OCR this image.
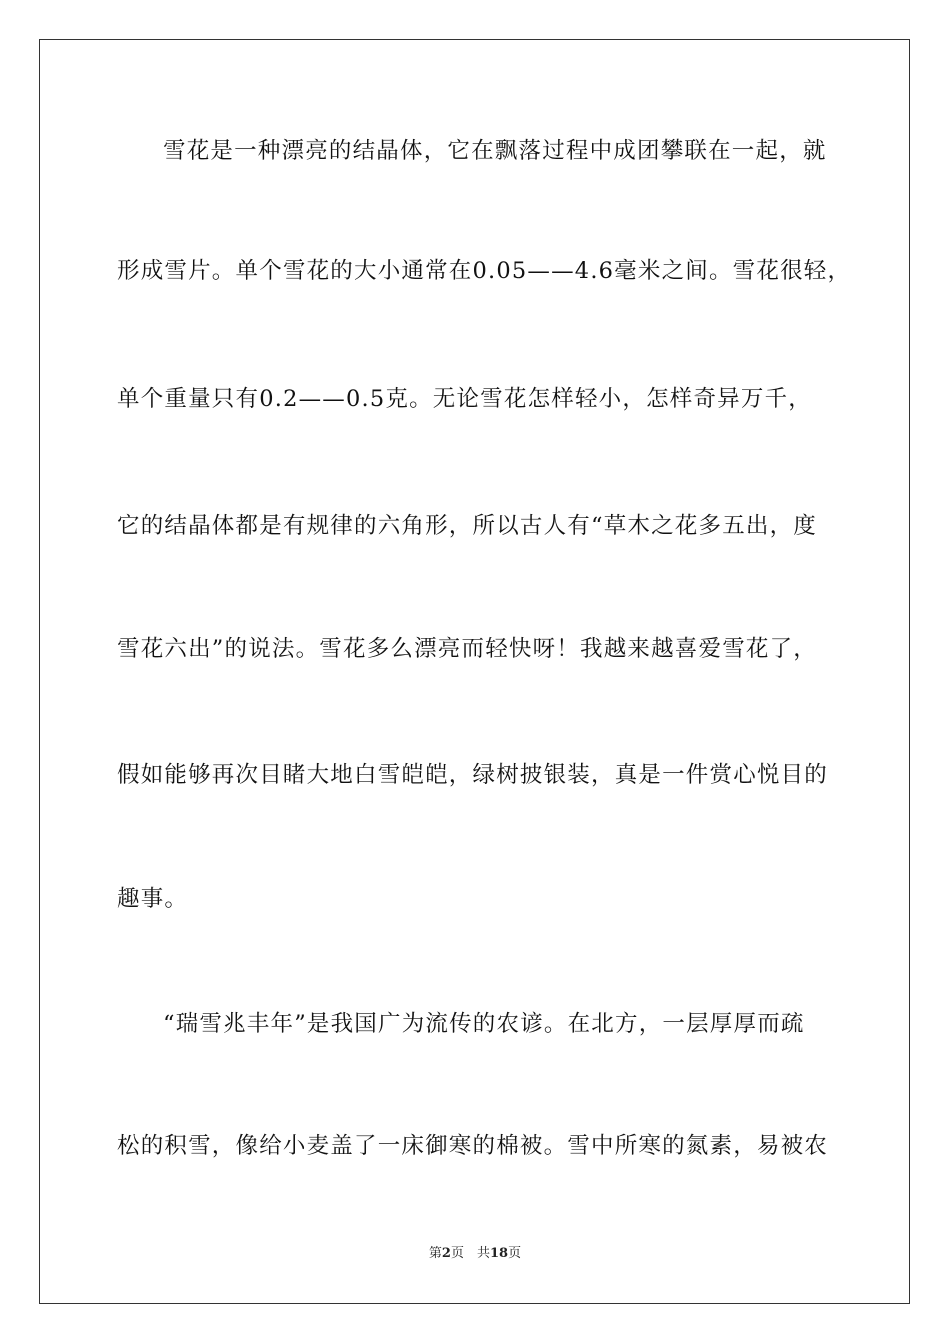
雪花是一种漂亮的结晶体，它在飘落过程中成团攀联在一起，就
形成雪片。单个雪花的大小通常在0.05——4.6毫米之间。雪花很轻，
单个重量只有0.2——0.5克。无论雪花怎样轻小，怎样奇异万千，
它的结晶体都是有规律的六角形，所以古人有“草木之花多五出，度
雪花六出”的说法。雪花多么漂亮而轻快呀！我越来越喜爱雪花了，
假如能够再次目睹大地白雪皑皑，绿树披银装，真是一件赏心悦目的
趣事。
“瑞雪兆丰年”是我国广为流传的农谚。在北方，一层厚厚而疏
松的积雪，像给小麦盖了一床御寒的棉被。雪中所寒的氮素，易被农
第2页　共18页
